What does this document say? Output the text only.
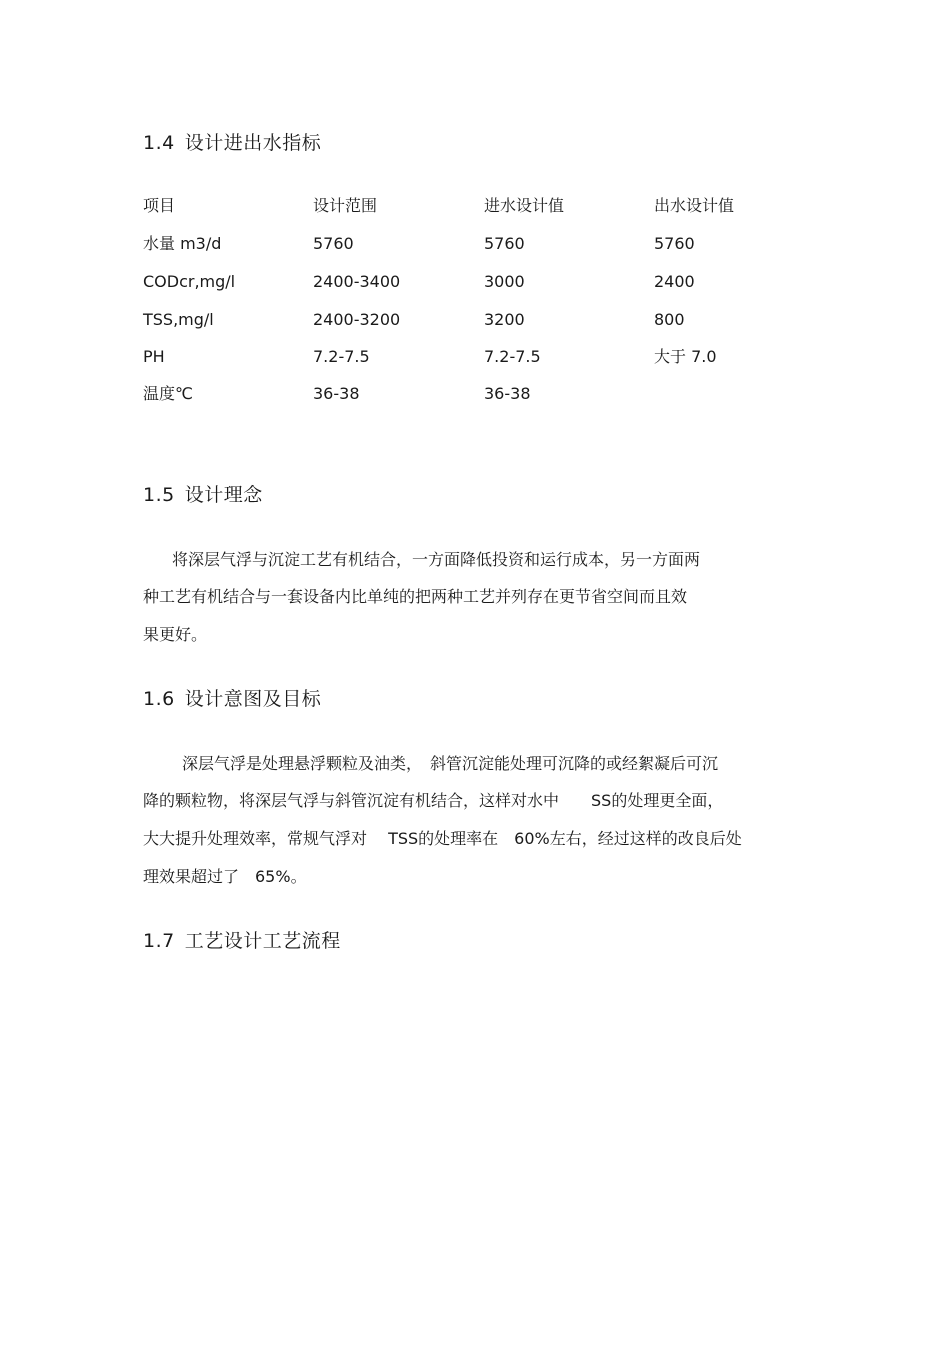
1.4 设计进出水指标
项目	设计范围	进水设计值	出水设计值
水量 m3/d	5760	5760	5760
CODcr,mg/l	2400-3400	3000	2400
TSS,mg/l	2400-3200	3200	800
PH	7.2-7.5	7.2-7.5	大于 7.0
温度℃	36-38	36-38
1.5 设计理念
将深层气浮与沉淀工艺有机结合，一方面降低投资和运行成本，另一方面两
种工艺有机结合与一套设备内比单纯的把两种工艺并列存在更节省空间而且效
果更好。
1.6 设计意图及目标
深层气浮是处理悬浮颗粒及油类，　斜管沉淀能处理可沉降的或经絮凝后可沉
降的颗粒物，将深层气浮与斜管沉淀有机结合，这样对水中　　SS的处理更全面，
大大提升处理效率，常规气浮对　 TSS的处理率在　60%左右，经过这样的改良后处
理效果超过了　65%。
1.7 工艺设计工艺流程
